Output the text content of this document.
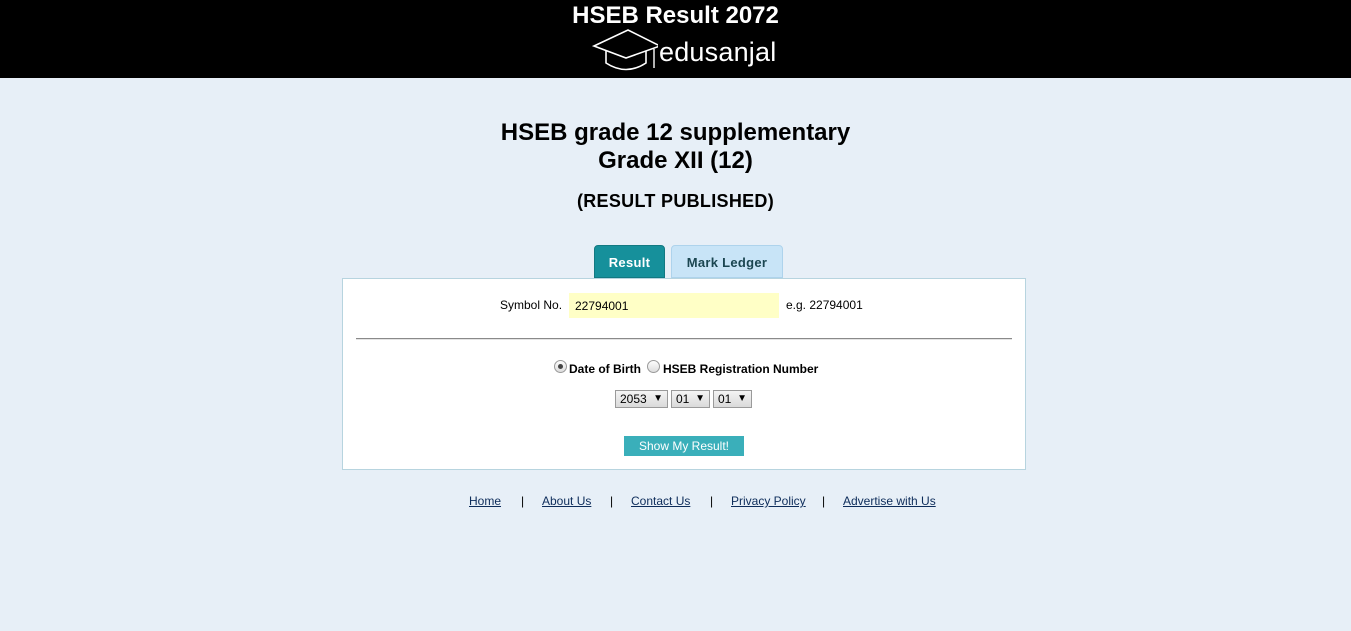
HSEB Result 2072
edusanjal
HSEB grade 12 supplementary
Grade XII (12)
(RESULT PUBLISHED)
Result	Mark Ledger
Symbol No.
22794001	e.g. 22794001
Date of Birth HSEB Registration Number
2053 ▼	01 ▼	01 ▼
Show My Result!
Home | About Us | Contact Us | Privacy Policy | Advertise with Us
